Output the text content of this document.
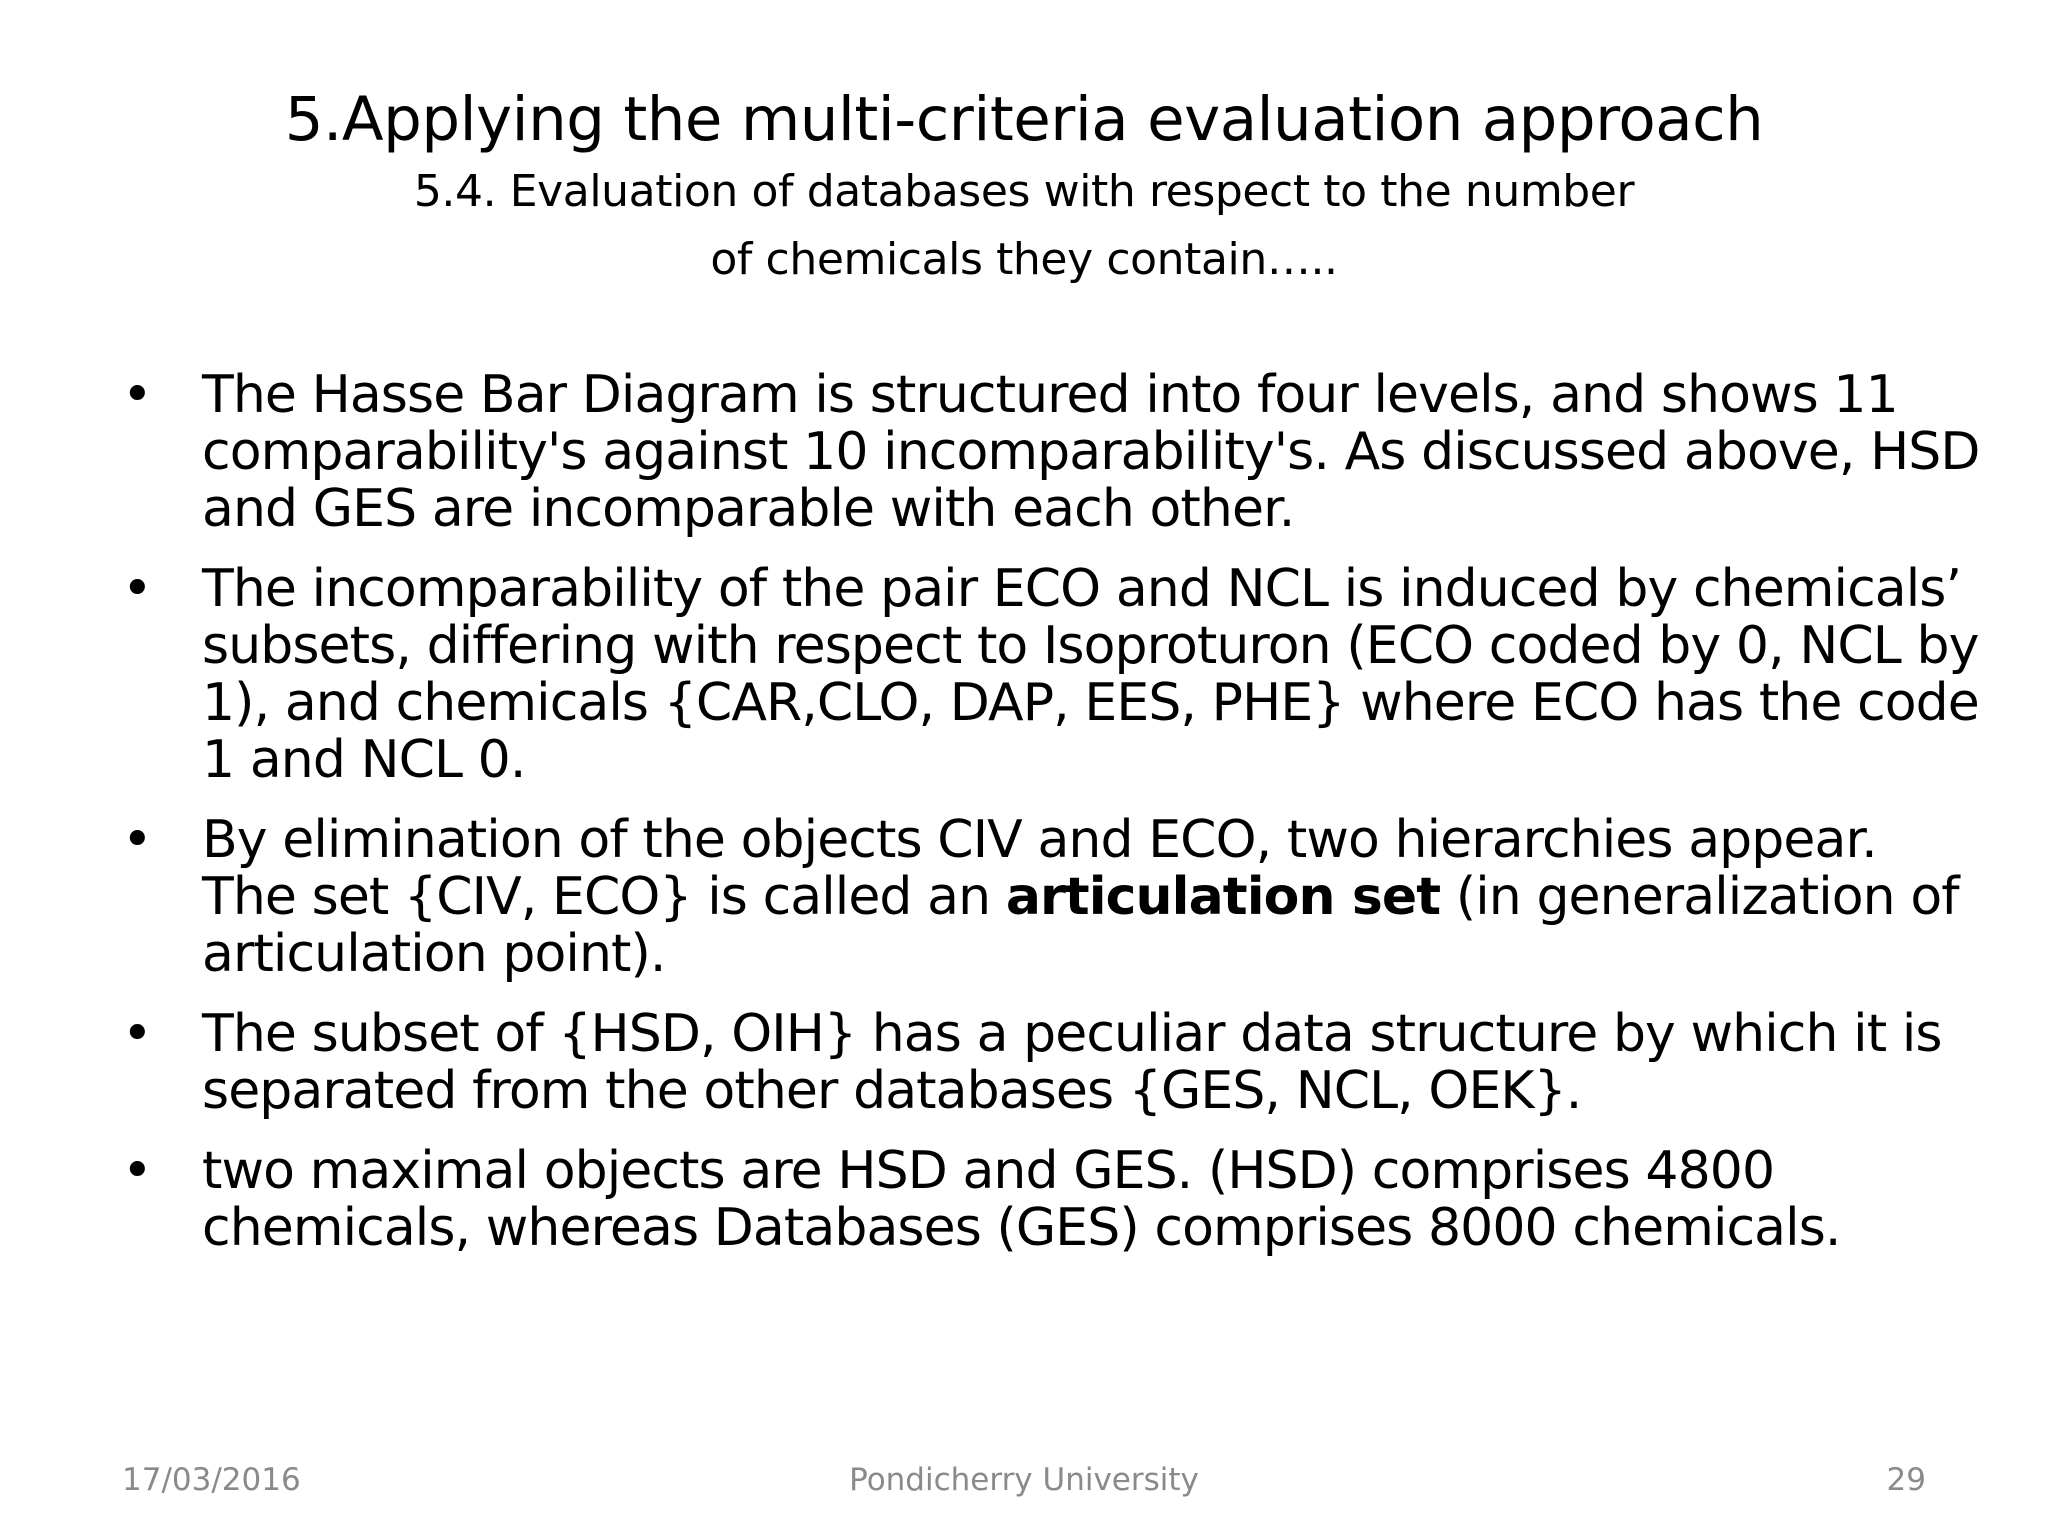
5.Applying the multi-criteria evaluation approach
5.4. Evaluation of databases with respect to the number
of chemicals they contain…..
• The Hasse Bar Diagram is structured into four levels, and shows 11 comparability's against 10 incomparability's. As discussed above, HSD and GES are incomparable with each other.
• The incomparability of the pair ECO and NCL is induced by chemicals’ subsets, differing with respect to Isoproturon (ECO coded by 0, NCL by 1), and chemicals {CAR,CLO, DAP, EES, PHE} where ECO has the code 1 and NCL 0.
• By elimination of the objects CIV and ECO, two hierarchies appear. The set {CIV, ECO} is called an articulation set (in generalization of articulation point).
• The subset of {HSD, OIH} has a peculiar data structure by which it is separated from the other databases {GES, NCL, OEK}.
• two maximal objects are HSD and GES. (HSD) comprises 4800 chemicals, whereas Databases (GES) comprises 8000 chemicals.
Pondicherry University
17/03/2016	29
